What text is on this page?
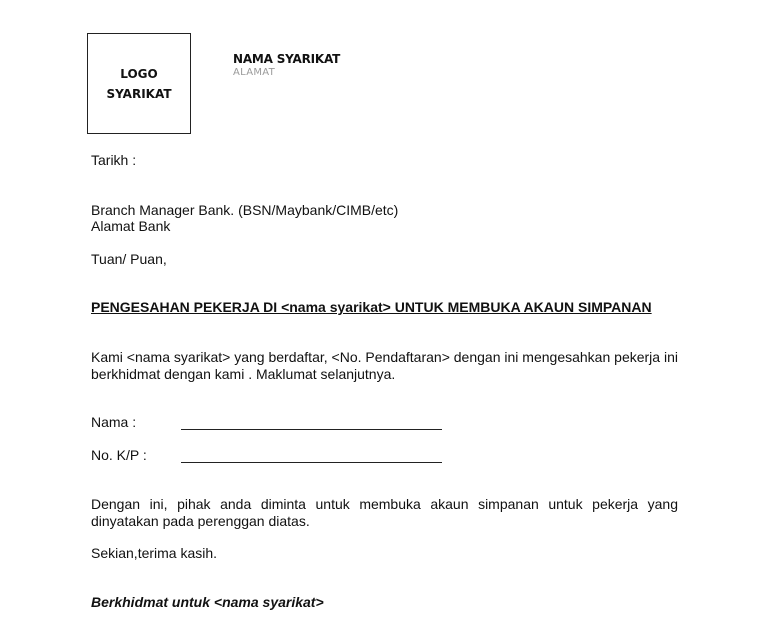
LOGO
SYARIKAT
NAMA SYARIKAT
ALAMAT
Tarikh :
Branch Manager Bank. (BSN/Maybank/CIMB/etc)
Alamat Bank
Tuan/ Puan,
PENGESAHAN PEKERJA DI <nama syarikat> UNTUK MEMBUKA AKAUN SIMPANAN
Kami <nama syarikat> yang berdaftar, <No. Pendaftaran> dengan ini mengesahkan pekerja ini berkhidmat dengan kami . Maklumat selanjutnya.
Nama :
No. K/P :
Dengan ini, pihak anda diminta untuk membuka akaun simpanan untuk pekerja yang dinyatakan pada perenggan diatas.
Sekian,terima kasih.
Berkhidmat untuk <nama syarikat>
